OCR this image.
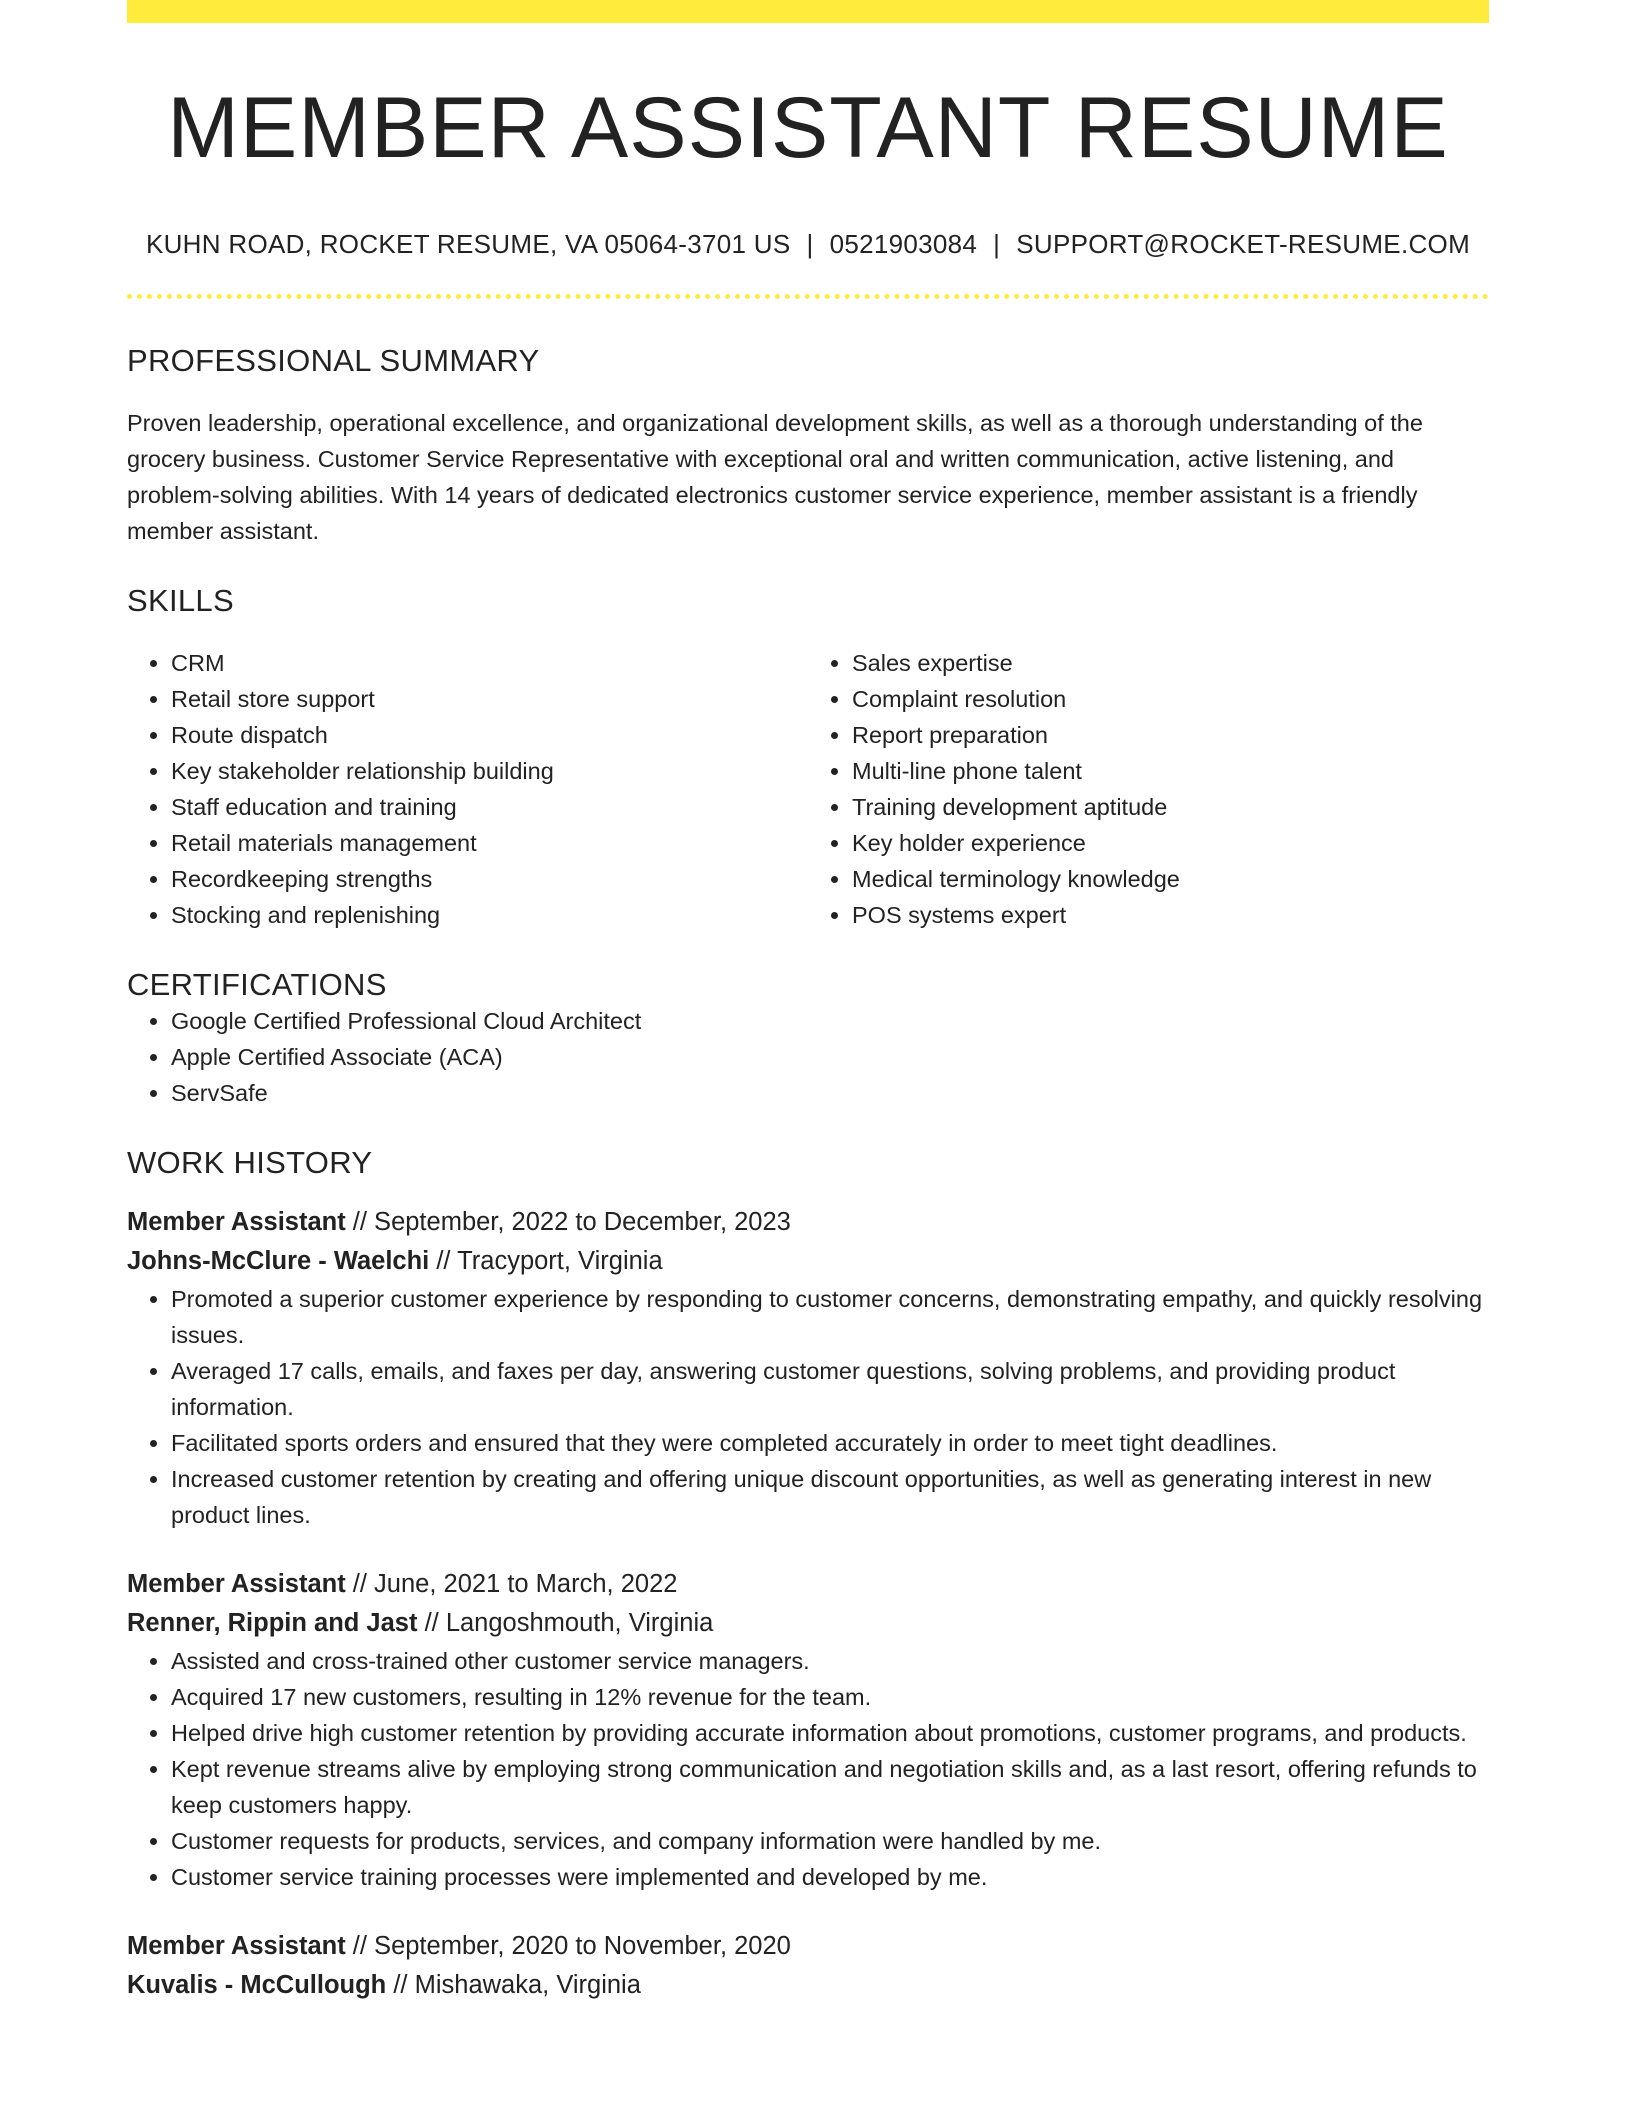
MEMBER ASSISTANT RESUME
KUHN ROAD, ROCKET RESUME, VA 05064-3701 US | 0521903084 | SUPPORT@ROCKET-RESUME.COM
PROFESSIONAL SUMMARY

Proven leadership, operational excellence, and organizational development skills, as well as a thorough understanding of the grocery business. Customer Service Representative with exceptional oral and written communication, active listening, and problem-solving abilities. With 14 years of dedicated electronics customer service experience, member assistant is a friendly member assistant.

SKILLS
• CRM
• Retail store support
• Route dispatch
• Key stakeholder relationship building
• Staff education and training
• Retail materials management
• Recordkeeping strengths
• Stocking and replenishing
• Sales expertise
• Complaint resolution
• Report preparation
• Multi-line phone talent
• Training development aptitude
• Key holder experience
• Medical terminology knowledge
• POS systems expert
CERTIFICATIONS
• Google Certified Professional Cloud Architect
• Apple Certified Associate (ACA)
• ServSafe
WORK HISTORY
Member Assistant // September, 2022 to December, 2023
Johns-McClure - Waelchi // Tracyport, Virginia
• Promoted a superior customer experience by responding to customer concerns, demonstrating empathy, and quickly resolving issues.
• Averaged 17 calls, emails, and faxes per day, answering customer questions, solving problems, and providing product information.
• Facilitated sports orders and ensured that they were completed accurately in order to meet tight deadlines.
• Increased customer retention by creating and offering unique discount opportunities, as well as generating interest in new product lines.
Member Assistant // June, 2021 to March, 2022
Renner, Rippin and Jast // Langoshmouth, Virginia
• Assisted and cross-trained other customer service managers.
• Acquired 17 new customers, resulting in 12% revenue for the team.
• Helped drive high customer retention by providing accurate information about promotions, customer programs, and products.
• Kept revenue streams alive by employing strong communication and negotiation skills and, as a last resort, offering refunds to keep customers happy.
• Customer requests for products, services, and company information were handled by me.
• Customer service training processes were implemented and developed by me.
Member Assistant // September, 2020 to November, 2020
Kuvalis - McCullough // Mishawaka, Virginia
